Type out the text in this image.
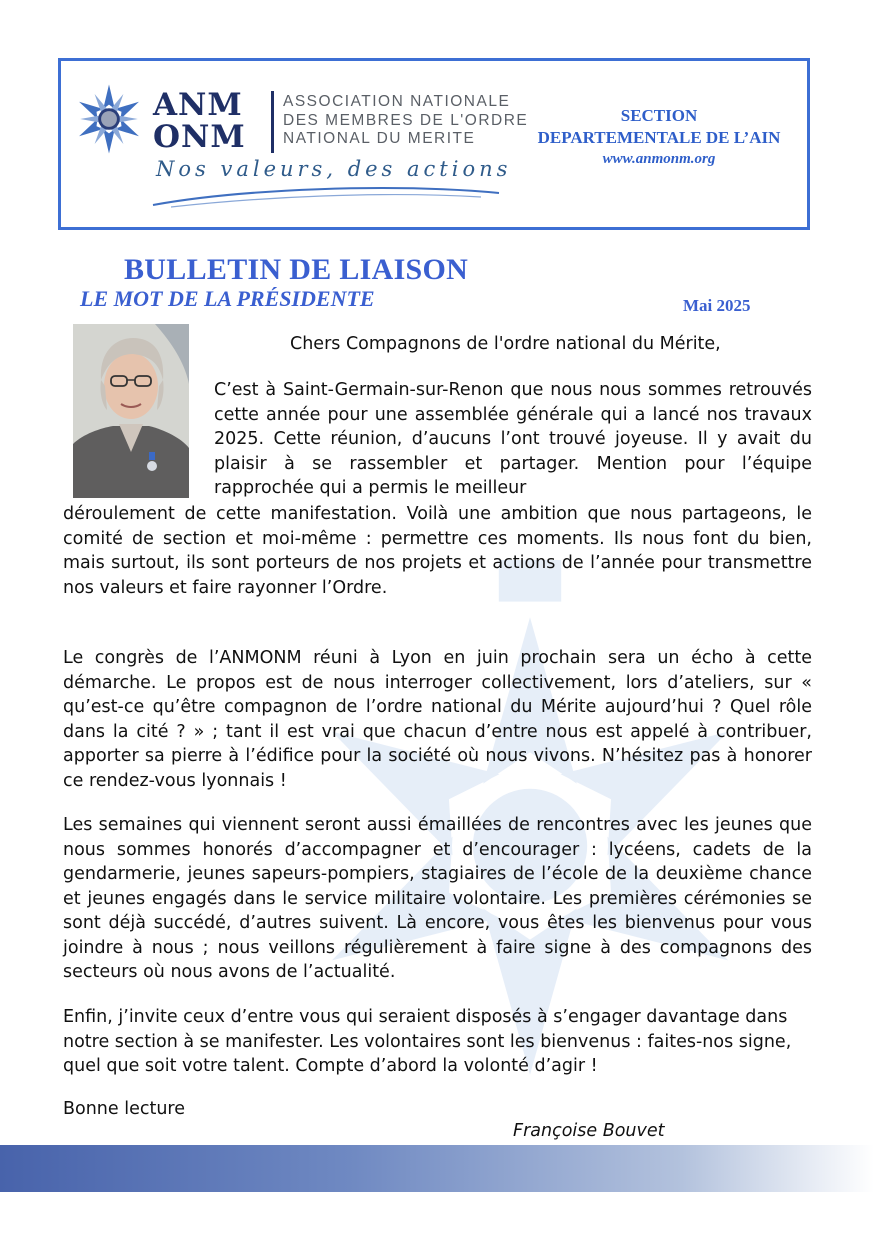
ANM
ONM
ASSOCIATION NATIONALE
DES MEMBRES DE L'ORDRE
NATIONAL DU MERITE
Nos valeurs, des actions
SECTION
DEPARTEMENTALE DE L’AIN
www.anmonm.org
BULLETIN DE LIAISON
LE MOT DE LA PRÉSIDENTE	Mai 2025
Chers Compagnons de l'ordre national du Mérite,

C’est à Saint-Germain-sur-Renon que nous nous sommes retrouvés cette année pour une assemblée générale qui a lancé nos travaux 2025. Cette réunion, d’aucuns l’ont trouvé joyeuse. Il y avait du plaisir à se rassembler et partager. Mention pour l’équipe rapprochée qui a permis le meilleur

déroulement de cette manifestation. Voilà une ambition que nous partageons, le comité de section et moi-même : permettre ces moments. Ils nous font du bien, mais surtout, ils sont porteurs de nos projets et actions de l’année pour transmettre nos valeurs et faire rayonner l’Ordre.

Le congrès de l’ANMONM réuni à Lyon en juin prochain sera un écho à cette démarche. Le propos est de nous interroger collectivement, lors d’ateliers, sur « qu’est-ce qu’être compagnon de l’ordre national du Mérite aujourd’hui ? Quel rôle dans la cité ? » ; tant il est vrai que chacun d’entre nous est appelé à contribuer, apporter sa pierre à l’édifice pour la société où nous vivons. N’hésitez pas à honorer ce rendez-vous lyonnais !

Les semaines qui viennent seront aussi émaillées de rencontres avec les jeunes que nous sommes honorés d’accompagner et d’encourager : lycéens, cadets de la gendarmerie, jeunes sapeurs-pompiers, stagiaires de l’école de la deuxième chance et jeunes engagés dans le service militaire volontaire. Les premières cérémonies se sont déjà succédé, d’autres suivent. Là encore, vous êtes les bienvenus pour vous joindre à nous ; nous veillons régulièrement à faire signe à des compagnons des secteurs où nous avons de l’actualité.

Enfin, j’invite ceux d’entre vous qui seraient disposés à s’engager davantage dans notre section à se manifester. Les volontaires sont les bienvenus : faites-nos signe, quel que soit votre talent. Compte d’abord la volonté d’agir !

Bonne lecture
Françoise Bouvet
